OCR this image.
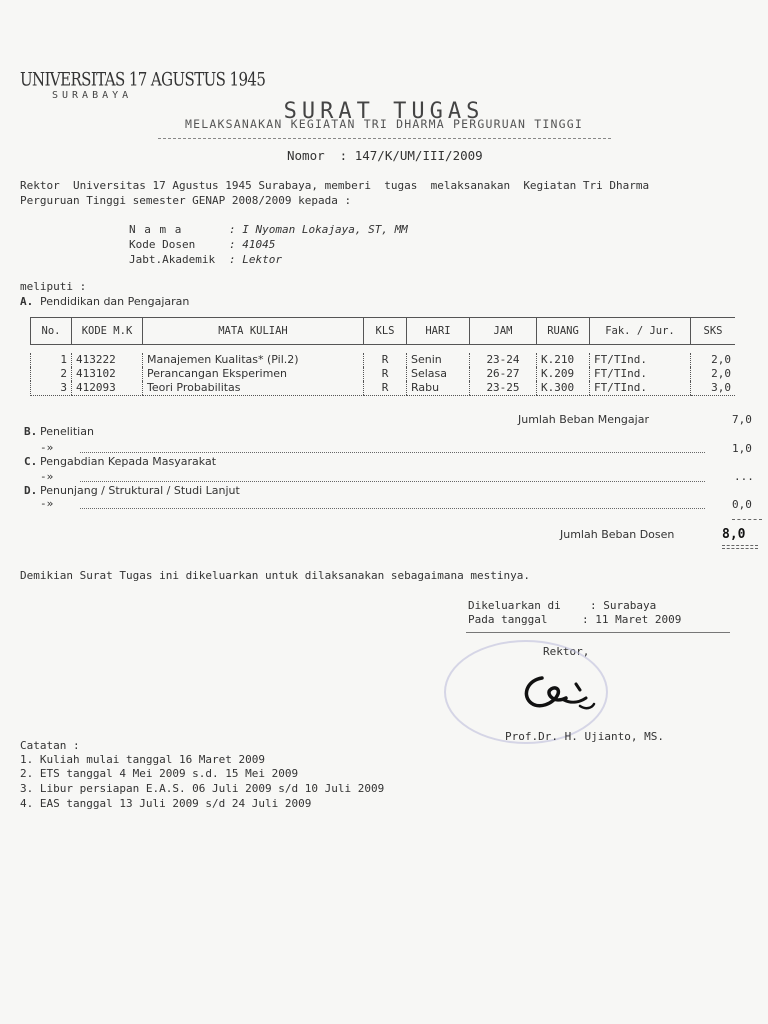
UNIVERSITAS 17 AGUSTUS 1945
SURABAYA
SURAT TUGAS
MELAKSANAKAN KEGIATAN TRI DHARMA PERGURUAN TINGGI
Nomor  : 147/K/UM/III/2009
Rektor  Universitas 17 Agustus 1945 Surabaya, memberi  tugas  melaksanakan  Kegiatan Tri Dharma
Perguruan Tinggi semester GENAP 2008/2009 kepada :
N a m a	: I Nyoman Lokajaya, ST, MM
Kode Dosen	: 41045
Jabt.Akademik : Lektor
meliputi :
A. Pendidikan dan Pengajaran
No.	KODE M.K	MATA KULIAH	KLS	HARI	JAM	RUANG	Fak. / Jur.	SKS

1	413222	Manajemen Kualitas* (Pil.2)	R	Senin	23-24	K.210	FT/TInd.	2,0
2	413102	Perancangan Eksperimen	R	Selasa	26-27	K.209	FT/TInd.	2,0
3	412093	Teori Probabilitas	R	Rabu	23-25	K.300	FT/TInd.	3,0
Jumlah Beban Mengajar	7,0
B. Penelitian
-»	1,0
C. Pengabdian Kepada Masyarakat
-»	...
D. Penunjang / Struktural / Studi Lanjut
-»	0,0
Jumlah Beban Dosen	8,0
Demikian Surat Tugas ini dikeluarkan untuk dilaksanakan sebagaimana mestinya.
Dikeluarkan di	: Surabaya
Pada tanggal	: 11 Maret 2009
Rektor,
Prof.Dr. H. Ujianto, MS.
Catatan :
1. Kuliah mulai tanggal 16 Maret 2009
2. ETS tanggal 4 Mei 2009 s.d. 15 Mei 2009
3. Libur persiapan E.A.S. 06 Juli 2009 s/d 10 Juli 2009
4. EAS tanggal 13 Juli 2009 s/d 24 Juli 2009
